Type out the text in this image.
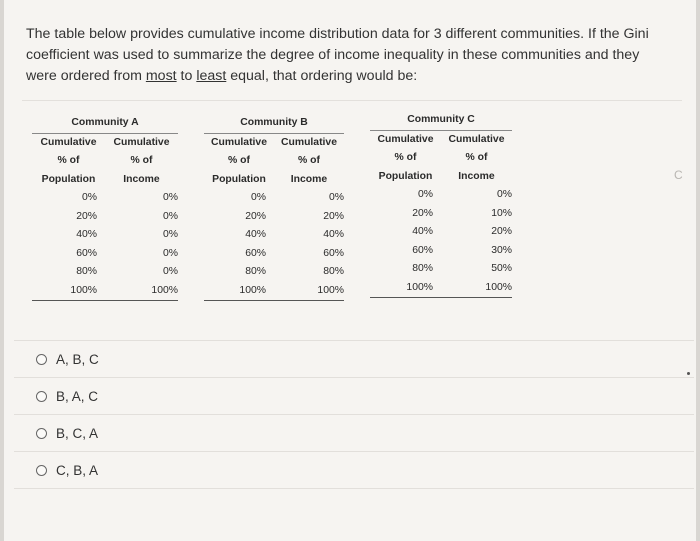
The table below provides cumulative income distribution data for 3 different communities. If the Gini
coefficient was used to summarize the degree of income inequality in these communities and they
were ordered from most to least equal, that ordering would be:
Community A	
Cumulative	Cumulative
% of	% of
Population	Income
0%	0%
20%	0%
40%	0%
60%	0%
80%	0%
100%	100%
Community B	
Cumulative	Cumulative
% of	% of
Population	Income
0%	0%
20%	20%
40%	40%
60%	60%
80%	80%
100%	100%
Community C	
Cumulative	Cumulative
% of	% of
Population	Income
0%	0%
20%	10%
40%	20%
60%	30%
80%	50%
100%	100%
C
A, B, C
B, A, C
B, C, A
C, B, A
